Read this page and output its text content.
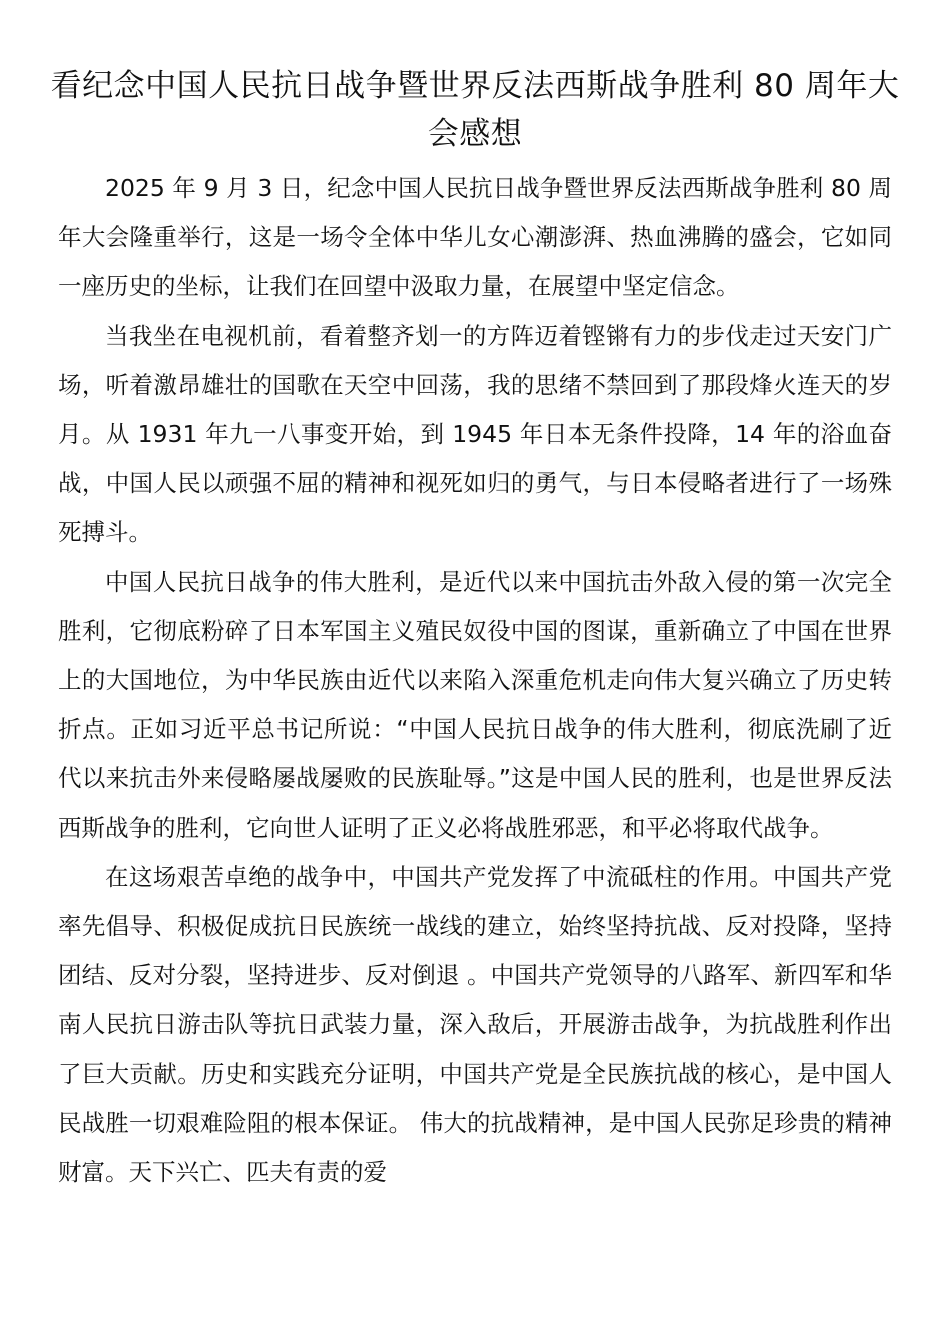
看纪念中国人民抗日战争暨世界反法西斯战争胜利 80 周年大会感想

2025 年 9 月 3 日，纪念中国人民抗日战争暨世界反法西斯战争胜利 80 周年大会隆重举行，这是一场令全体中华儿女心潮澎湃、热血沸腾的盛会，它如同一座历史的坐标，让我们在回望中汲取力量，在展望中坚定信念。

当我坐在电视机前，看着整齐划一的方阵迈着铿锵有力的步伐走过天安门广场，听着激昂雄壮的国歌在天空中回荡，我的思绪不禁回到了那段烽火连天的岁月。从 1931 年九一八事变开始，到 1945 年日本无条件投降，14 年的浴血奋战，中国人民以顽强不屈的精神和视死如归的勇气，与日本侵略者进行了一场殊死搏斗。

中国人民抗日战争的伟大胜利，是近代以来中国抗击外敌入侵的第一次完全胜利，它彻底粉碎了日本军国主义殖民奴役中国的图谋，重新确立了中国在世界上的大国地位，为中华民族由近代以来陷入深重危机走向伟大复兴确立了历史转折点。正如习近平总书记所说：“中国人民抗日战争的伟大胜利，彻底洗刷了近代以来抗击外来侵略屡战屡败的民族耻辱。”这是中国人民的胜利，也是世界反法西斯战争的胜利，它向世人证明了正义必将战胜邪恶，和平必将取代战争。

在这场艰苦卓绝的战争中，中国共产党发挥了中流砥柱的作用。中国共产党率先倡导、积极促成抗日民族统一战线的建立，始终坚持抗战、反对投降，坚持团结、反对分裂，坚持进步、反对倒退 。中国共产党领导的八路军、新四军和华南人民抗日游击队等抗日武装力量，深入敌后，开展游击战争，为抗战胜利作出了巨大贡献。历史和实践充分证明，中国共产党是全民族抗战的核心，是中国人民战胜一切艰难险阻的根本保证。 伟大的抗战精神，是中国人民弥足珍贵的精神财富。天下兴亡、匹夫有责的爱
